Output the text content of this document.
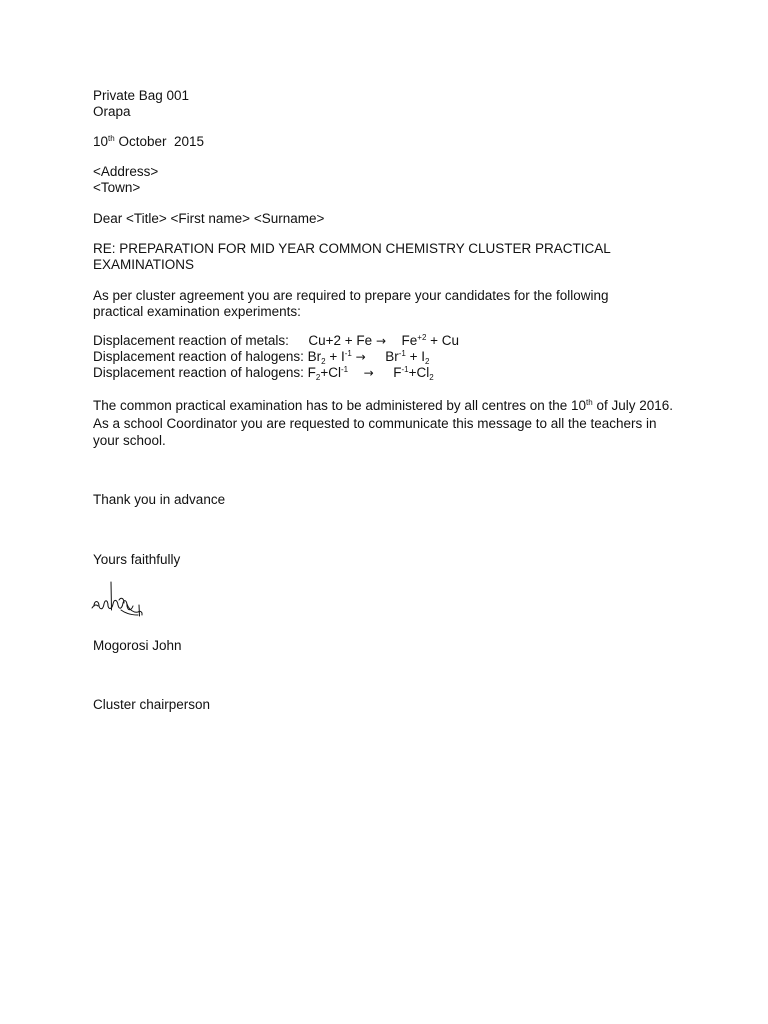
Private Bag 001
Orapa
10th October  2015
<Address>
<Town>
Dear <Title> <First name> <Surname>
RE: PREPARATION FOR MID YEAR COMMON CHEMISTRY CLUSTER PRACTICAL EXAMINATIONS
As per cluster agreement you are required to prepare your candidates for the following practical examination experiments:
Displacement reaction of metals: $Cu+2 + Fe \to Fe^{+2} + Cu$
Displacement reaction of halogens: $Br_2 + I^{-1} \to Br^{-1} + I_2$
Displacement reaction of halogens: $F_2+Cl^{-1} \to F^{-1}+Cl_2$
The common practical examination has to be administered by all centres on the 10th of July 2016. As a school Coordinator you are requested to communicate this message to all the teachers in your school.
Thank you in advance
Yours faithfully
Mogorosi John
Cluster chairperson
